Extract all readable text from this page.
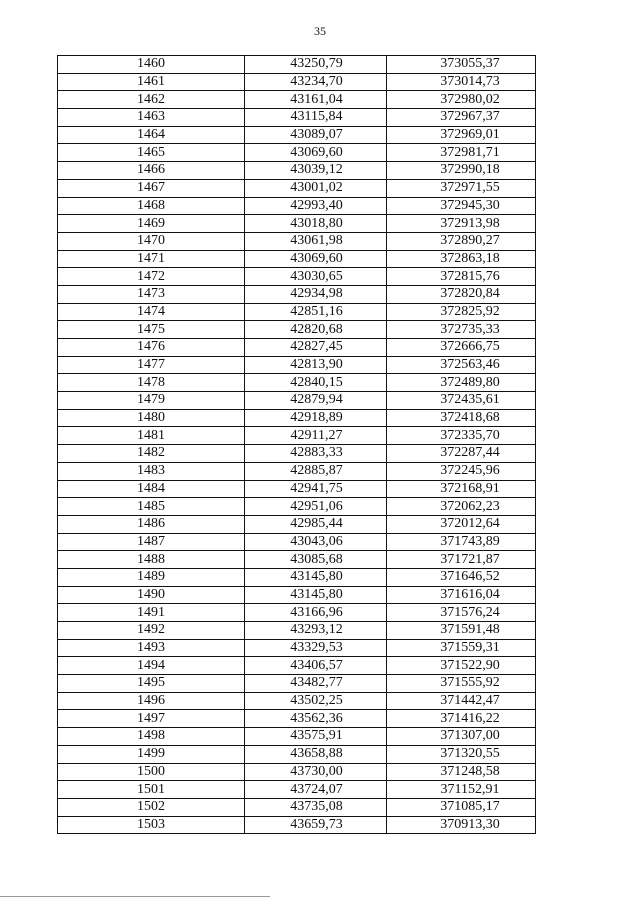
35
1460	43250,79	373055,37
1461	43234,70	373014,73
1462	43161,04	372980,02
1463	43115,84	372967,37
1464	43089,07	372969,01
1465	43069,60	372981,71
1466	43039,12	372990,18
1467	43001,02	372971,55
1468	42993,40	372945,30
1469	43018,80	372913,98
1470	43061,98	372890,27
1471	43069,60	372863,18
1472	43030,65	372815,76
1473	42934,98	372820,84
1474	42851,16	372825,92
1475	42820,68	372735,33
1476	42827,45	372666,75
1477	42813,90	372563,46
1478	42840,15	372489,80
1479	42879,94	372435,61
1480	42918,89	372418,68
1481	42911,27	372335,70
1482	42883,33	372287,44
1483	42885,87	372245,96
1484	42941,75	372168,91
1485	42951,06	372062,23
1486	42985,44	372012,64
1487	43043,06	371743,89
1488	43085,68	371721,87
1489	43145,80	371646,52
1490	43145,80	371616,04
1491	43166,96	371576,24
1492	43293,12	371591,48
1493	43329,53	371559,31
1494	43406,57	371522,90
1495	43482,77	371555,92
1496	43502,25	371442,47
1497	43562,36	371416,22
1498	43575,91	371307,00
1499	43658,88	371320,55
1500	43730,00	371248,58
1501	43724,07	371152,91
1502	43735,08	371085,17
1503	43659,73	370913,30
